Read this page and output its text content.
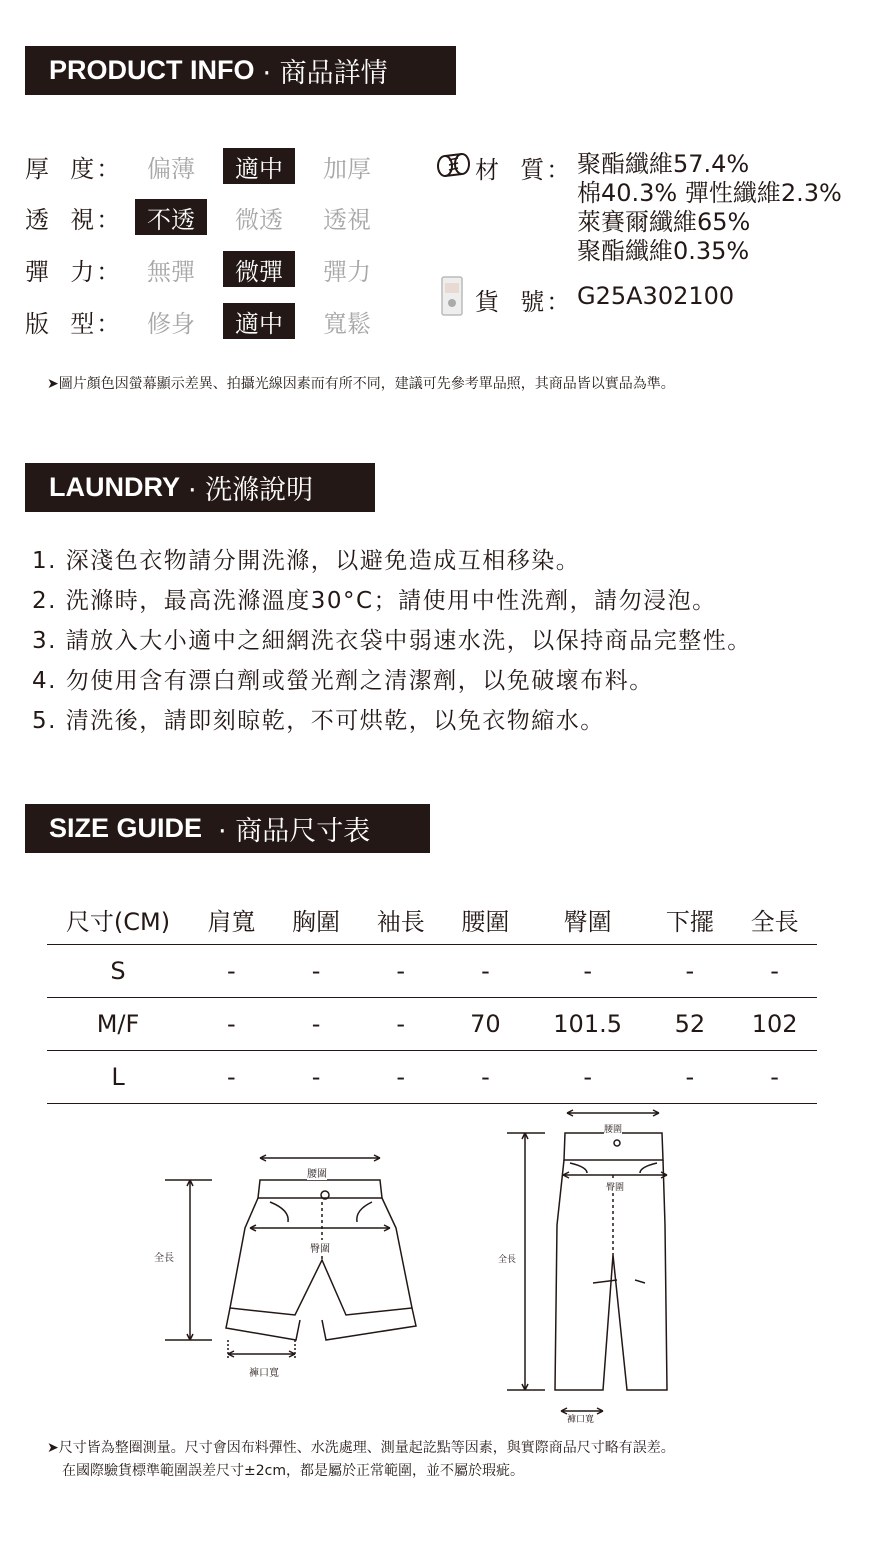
PRODUCT INFO · 商品詳情
厚  度：	偏薄	適中	加厚
透  視：	不透	微透	透視
彈  力：	無彈	微彈	彈力
版  型：	修身	適中	寬鬆
材  質： 聚酯纖維57.4%
棉40.3% 彈性纖維2.3%
萊賽爾纖維65%
聚酯纖維0.35%
貨  號： G25A302100
➤圖片顏色因螢幕顯示差異、拍攝光線因素而有所不同，建議可先參考單品照，其商品皆以實品為準。
LAUNDRY · 洗滌說明
1. 深淺色衣物請分開洗滌，以避免造成互相移染。
2. 洗滌時，最高洗滌溫度30°C；請使用中性洗劑，請勿浸泡。
3. 請放入大小適中之細網洗衣袋中弱速水洗，以保持商品完整性。
4. 勿使用含有漂白劑或螢光劑之清潔劑，以免破壞布料。
5. 清洗後，請即刻晾乾，不可烘乾，以免衣物縮水。
SIZE GUIDE · 商品尺寸表
尺寸(CM)	肩寬	胸圍	袖長	腰圍	臀圍	下擺	全長
S	-	-	-	-	-	-	-
M/F	-	-	-	70	101.5	52	102
L	-	-	-	-	-	-	-
腰圍
臀圍
全長
褲口寬
腰圍
臀圍
全長
褲口寬
➤尺寸皆為整圈測量。尺寸會因布料彈性、水洗處理、測量起訖點等因素，與實際商品尺寸略有誤差。
在國際驗貨標準範圍誤差尺寸±2cm，都是屬於正常範圍，並不屬於瑕疵。
